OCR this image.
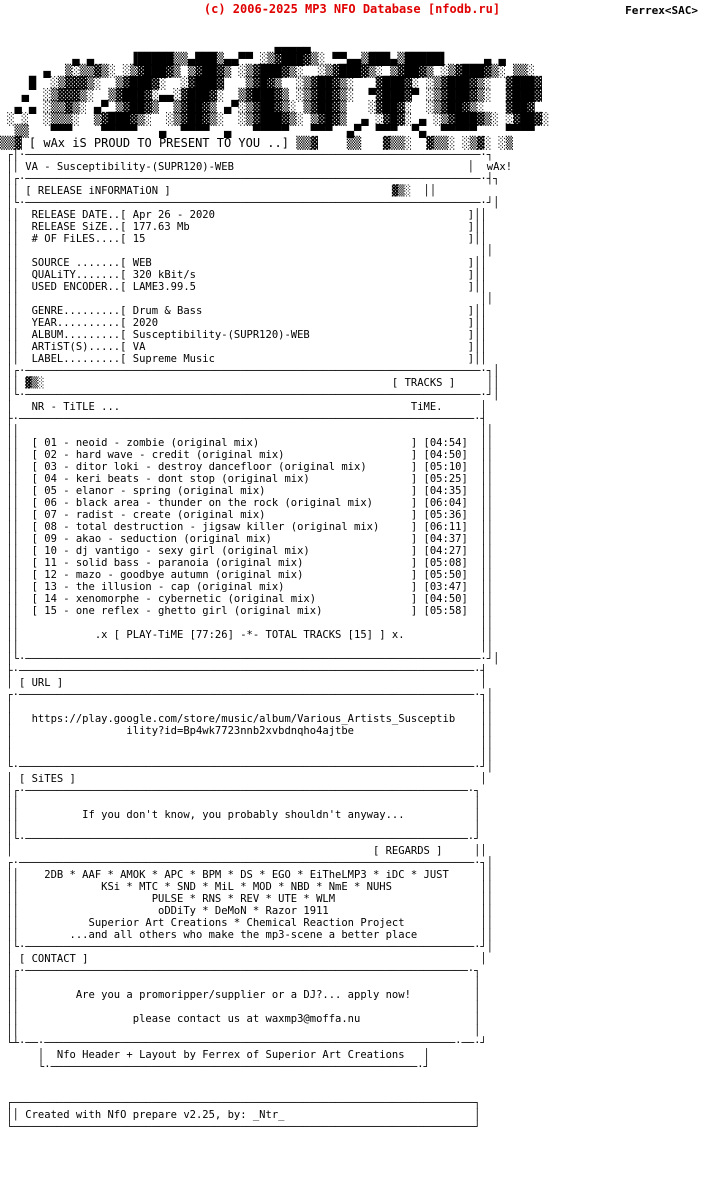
(c) 2006-2025 MP3 NFO Database [nfodb.ru]

▄▄▄▄▄
▄ ▄     ▐█████▒▒▄███▒▄▄▀▀ ░▒▓███▓▒░ ▀▀▄▄▒███▄▒█████▌     ▄ ▄
▄  ▒░▒▒▓▒░ ░▒▓███▓▒ ▒▓██▓▒ ░▒▓███▓▒░  ░▒▓███▓▒░ ▒▓██▓▒ ░▒▓███▓▒░ ▒▒░
█  ░▒▓▓▓▒░  ▒▓███▓░  ░▓███▓   ▒▓█▓▒  ░▒▓██▓▒░   ▓███▓░ ░▒▓███▓▒░  ▓███▓
▄  ░▒▓▓▓▒░  ▒▓███▓░▄▄░▓███▓░  ▒▓███▓▒ ░▒▓██▓▒░  ▀▓███▓▀ ░▒▓███▓▒░  ▓███▓
▄ ▄ ░▒▒▓▒░ ▄▀ ▒▓██▓▒  ▒▓██▓▒ ▄▀░▒▓██▓▒░ ▒▓██▓▒   ░▓██▓░  ░▒▓██▓▒░   ▓██▓
░ ░  ░▒▒▒░  ▒▓███▓▒░  ░▒▓██▓▒░  ░▒▓███▓▒░ ▒▓█▓▒  ▄ ░▓█▓░ ▄ ░▒▓███▓▒░ ░▓██▓░
▒▒   ▀▀▀    ▀▀▀▀▀   ▄  ▀▀▀▀  ▄   ▀▀▀▀▀   ▀▀▀  ▄▀  ▀▀▀  ▀▄  ▀▀▀▀▀    ▀▀▀▀
▒▒▓ [ wAx iS PROUD TO PRESENT TO YOU ..] ▒▒▓    ▒▒   ▓▒▒░  ▓▒▒░ ░▒▓░ ░▒
┌│·────────────────────────────────────────────────────────────────────────·┐
││ VA - Susceptibility-(SUPR120)-WEB                                     │  wAx!
│┌·────────────────────────────────────────────────────────────────────────·┤┐
││ [ RELEASE iNFORMATiON ]                                   ▓▒░  ││
│└·────────────────────────────────────────────────────────────────────────·┘│
││  RELEASE DATE..[ Apr 26 - 2020                                        ]││
││  RELEASE SiZE..[ 177.63 Mb                                            ]││
││  # OF FiLES....[ 15                                                   ]││
││                                                                         ││
││  SOURCE .......[ WEB                                                  ]││
││  QUALiTY.......[ 320 kBit/s                                           ]││
││  USED ENCODER..[ LAME3.99.5                                           ]││
││                                                                         ││
││  GENRE.........[ Drum & Bass                                          ]││
││  YEAR..........[ 2020                                                 ]││
││  ALBUM.........[ Susceptibility-(SUPR120)-WEB                         ]││
││  ARTiST(S).....[ VA                                                   ]││
││  LABEL.........[ Supreme Music                                        ]││
│┌·────────────────────────────────────────────────────────────────────────·┐│
││ ▓▒░                                                       [ TRACKS ]     ││
│└·────────────────────────────────────────────────────────────────────────·┘│
│   NR - TiTLE ...                                              TiME.      │
├·────────────────────────────────────────────────────────────────────────·┤
││                                                                         ││
││  [ 01 - neoid - zombie (original mix)                        ] [04:54]  ││
││  [ 02 - hard wave - credit (original mix)                    ] [04:50]  ││
││  [ 03 - ditor loki - destroy dancefloor (original mix)       ] [05:10]  ││
││  [ 04 - keri beats - dont stop (original mix)                ] [05:25]  ││
││  [ 05 - elanor - spring (original mix)                       ] [04:35]  ││
││  [ 06 - black area - thunder on the rock (original mix)      ] [06:04]  ││
││  [ 07 - radist - create (original mix)                       ] [05:36]  ││
││  [ 08 - total destruction - jigsaw killer (original mix)     ] [06:11]  ││
││  [ 09 - akao - seduction (original mix)                      ] [04:37]  ││
││  [ 10 - dj vantigo - sexy girl (original mix)                ] [04:27]  ││
││  [ 11 - solid bass - paranoia (original mix)                 ] [05:08]  ││
││  [ 12 - mazo - goodbye autumn (original mix)                 ] [05:50]  ││
││  [ 13 - the illusion - cap (original mix)                    ] [03:47]  ││
││  [ 14 - xenomorphe - cybernetic (original mix)               ] [04:50]  ││
││  [ 15 - one reflex - ghetto girl (original mix)              ] [05:58]  ││
││                                                                         ││
││            .x [ PLAY-TiME [77:26] -*- TOTAL TRACKS [15] ] x.            ││
││                                                                         ││
│└·────────────────────────────────────────────────────────────────────────·┘│
├·────────────────────────────────────────────────────────────────────────·┤
│ [ URL ]                                                                  │
┌·────────────────────────────────────────────────────────────────────────·┐│
│                                                                          ││
│   https://play.google.com/store/music/album/Various_Artists_Susceptib    ││
│                  ility?id=Bp4wk7723nnb2xvbdnqho4ajtbe                    ││
│                                                                          ││
│                                                                          ││
└·────────────────────────────────────────────────────────────────────────·┘│
│ [ SiTES ]                                                                │
│┌·──────────────────────────────────────────────────────────────────────·┐
││                                                                        │
││          If you don't know, you probably shouldn't anyway...           │
││                                                                        │
│└·──────────────────────────────────────────────────────────────────────·┘
│                                                         [ REGARDS ]     ││
┌·────────────────────────────────────────────────────────────────────────·┐│
││    2DB * AAF * AMOK * APC * BPM * DS * EGO * EiTheLMP3 * iDC * JUST     ││
││             KSi * MTC * SND * MiL * MOD * NBD * NmE * NUHS              ││
││                     PULSE * RNS * REV * UTE * WLM                       ││
││                      oDDiTy * DeMoN * Razor 1911                        ││
││           Superior Art Creations * Chemical Reaction Project            ││
││        ...and all others who make the mp3-scene a better place          ││
│└·───────────────────────────────────────────────────────────────────────·┘│
│ [ CONTACT ]                                                              │
│┌·──────────────────────────────────────────────────────────────────────·┐
││                                                                        │
││         Are you a promoripper/supplier or a DJ?... apply now!          │
││                                                                        │
││                  please contact us at waxmp3@moffa.nu                  │
││                                                                        │
└┴·──·─────────────────────────────────────────────────────────────────·──·┘
│  Nfo Header + Layout by Ferrex of Superior Art Creations   │
└·──────────────────────────────────────────────────────────·┘
┌─────────────────────────────────────────────────────────────────────────┐
││ Created with NfO prepare v2.25, by: _Ntr_                              │
└─────────────────────────────────────────────────────────────────────────┘

Ferrex<SAC>
